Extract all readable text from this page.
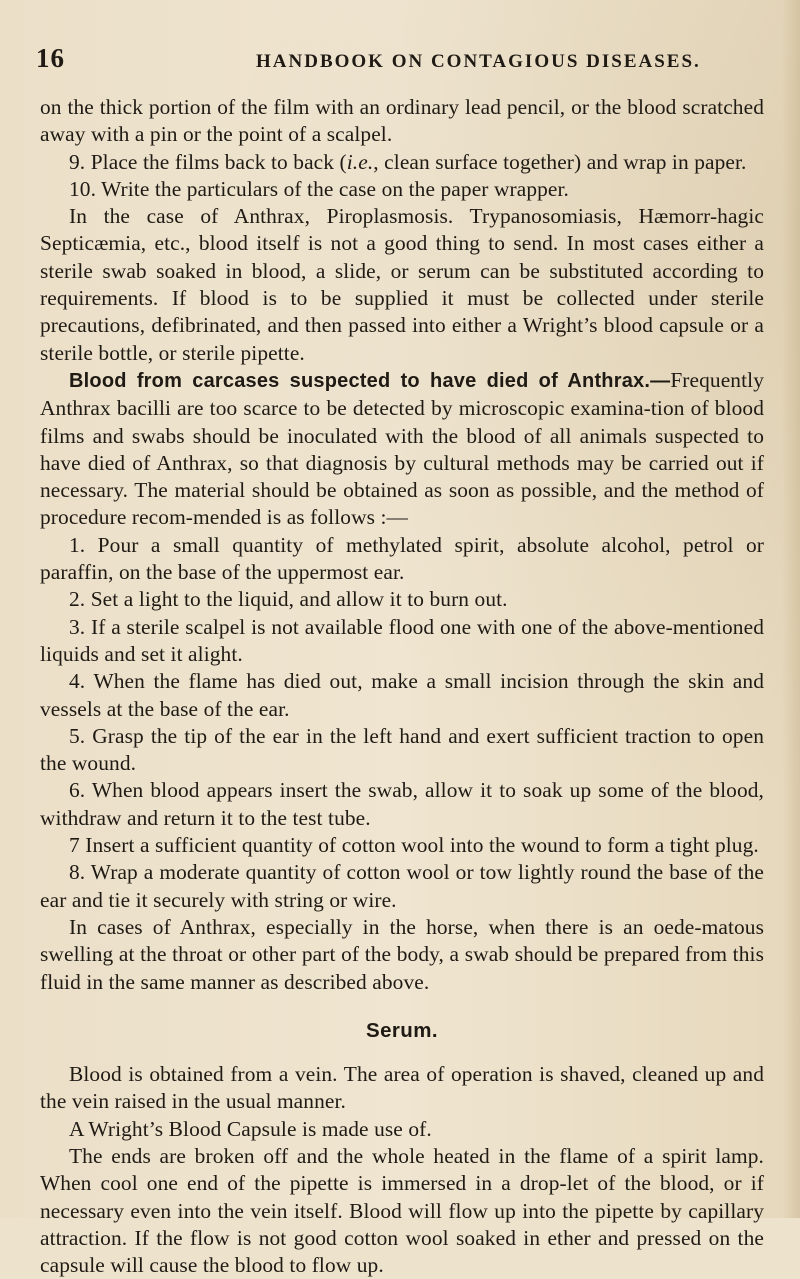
16	HANDBOOK ON CONTAGIOUS DISEASES.

on the thick portion of the film with an ordinary lead pencil, or the blood scratched away with a pin or the point of a scalpel.

9. Place the films back to back (i.e., clean surface together) and wrap in paper.

10. Write the particulars of the case on the paper wrapper.

In the case of Anthrax, Piroplasmosis. Trypanosomiasis, Hæmorr-hagic Septicæmia, etc., blood itself is not a good thing to send. In most cases either a sterile swab soaked in blood, a slide, or serum can be substituted according to requirements. If blood is to be supplied it must be collected under sterile precautions, defibrinated, and then passed into either a Wright’s blood capsule or a sterile bottle, or sterile pipette.

Blood from carcases suspected to have died of Anthrax.—Frequently Anthrax bacilli are too scarce to be detected by microscopic examina-tion of blood films and swabs should be inoculated with the blood of all animals suspected to have died of Anthrax, so that diagnosis by cultural methods may be carried out if necessary. The material should be obtained as soon as possible, and the method of procedure recom-mended is as follows :—

1. Pour a small quantity of methylated spirit, absolute alcohol, petrol or paraffin, on the base of the uppermost ear.

2. Set a light to the liquid, and allow it to burn out.

3. If a sterile scalpel is not available flood one with one of the above-mentioned liquids and set it alight.

4. When the flame has died out, make a small incision through the skin and vessels at the base of the ear.

5. Grasp the tip of the ear in the left hand and exert sufficient traction to open the wound.

6. When blood appears insert the swab, allow it to soak up some of the blood, withdraw and return it to the test tube.

7 Insert a sufficient quantity of cotton wool into the wound to form a tight plug.

8. Wrap a moderate quantity of cotton wool or tow lightly round the base of the ear and tie it securely with string or wire.

In cases of Anthrax, especially in the horse, when there is an oede-matous swelling at the throat or other part of the body, a swab should be prepared from this fluid in the same manner as described above.

Serum.

Blood is obtained from a vein. The area of operation is shaved, cleaned up and the vein raised in the usual manner.

A Wright’s Blood Capsule is made use of.

The ends are broken off and the whole heated in the flame of a spirit lamp. When cool one end of the pipette is immersed in a drop-let of the blood, or if necessary even into the vein itself. Blood will flow up into the pipette by capillary attraction. If the flow is not good cotton wool soaked in ether and pressed on the capsule will cause the blood to flow up.
